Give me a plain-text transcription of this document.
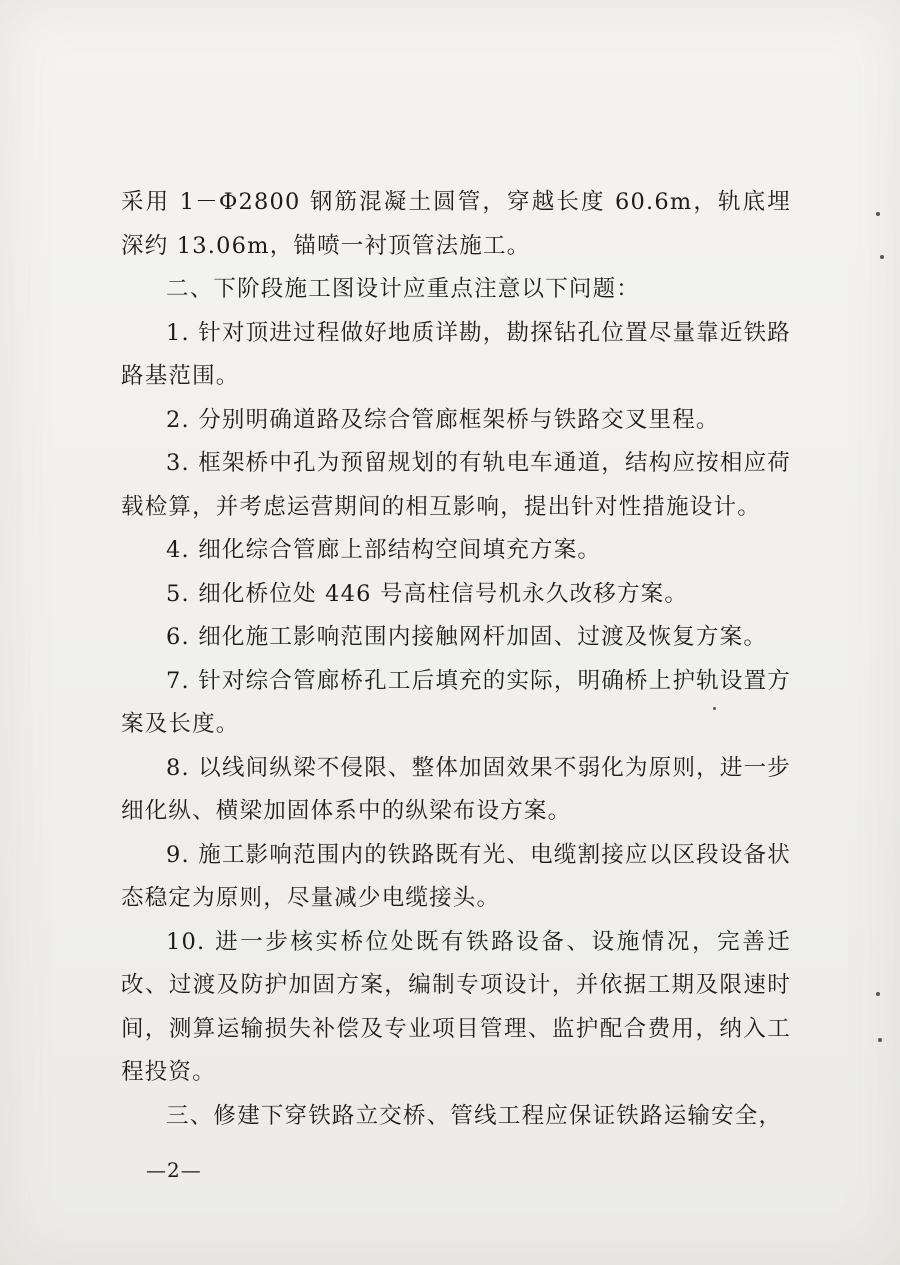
采用 1－Φ2800 钢筋混凝土圆管，穿越长度 60.6m，轨底埋深约 13.06m，锚喷一衬顶管法施工。

二、下阶段施工图设计应重点注意以下问题：

1. 针对顶进过程做好地质详勘，勘探钻孔位置尽量靠近铁路路基范围。

2. 分别明确道路及综合管廊框架桥与铁路交叉里程。

3. 框架桥中孔为预留规划的有轨电车通道，结构应按相应荷载检算，并考虑运营期间的相互影响，提出针对性措施设计。

4. 细化综合管廊上部结构空间填充方案。

5. 细化桥位处 446 号高柱信号机永久改移方案。

6. 细化施工影响范围内接触网杆加固、过渡及恢复方案。

7. 针对综合管廊桥孔工后填充的实际，明确桥上护轨设置方案及长度。

8. 以线间纵梁不侵限、整体加固效果不弱化为原则，进一步细化纵、横梁加固体系中的纵梁布设方案。

9. 施工影响范围内的铁路既有光、电缆割接应以区段设备状态稳定为原则，尽量减少电缆接头。

10. 进一步核实桥位处既有铁路设备、设施情况，完善迁改、过渡及防护加固方案，编制专项设计，并依据工期及限速时间，测算运输损失补偿及专业项目管理、监护配合费用，纳入工程投资。

三、修建下穿铁路立交桥、管线工程应保证铁路运输安全，

—2—
